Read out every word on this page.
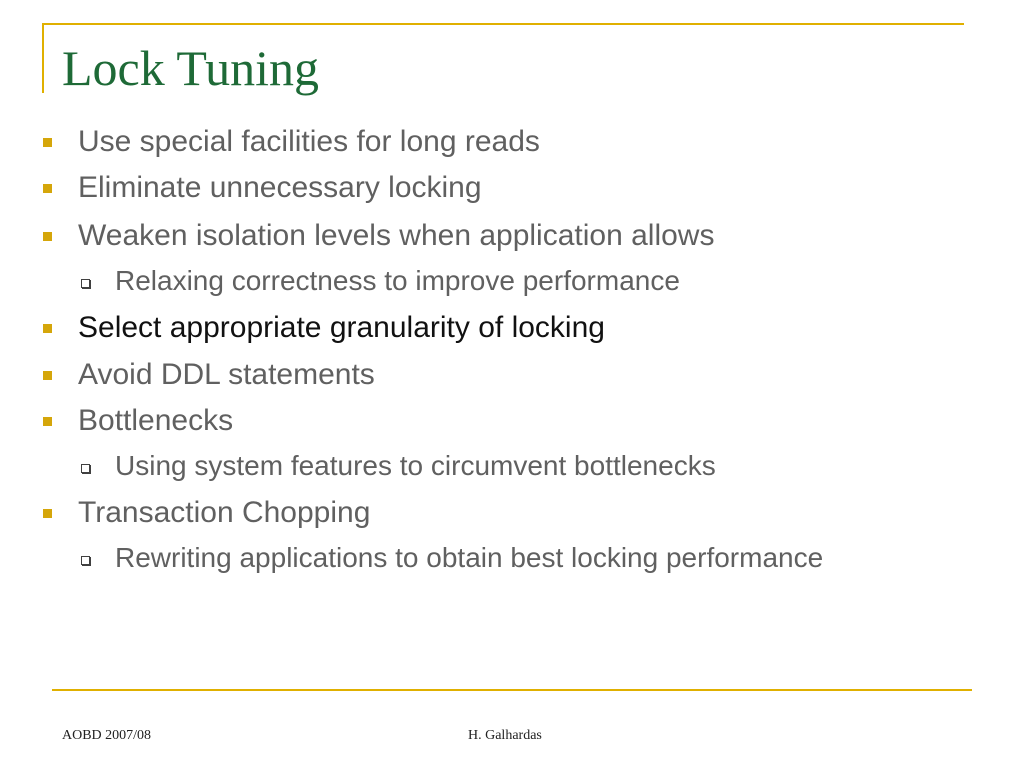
Lock Tuning
Use special facilities for long reads
Eliminate unnecessary locking
Weaken isolation levels when application allows
Relaxing correctness to improve performance
Select appropriate granularity of locking
Avoid DDL statements
Bottlenecks
Using system features to circumvent bottlenecks
Transaction Chopping
Rewriting applications to obtain best locking performance
AOBD 2007/08	H. Galhardas
